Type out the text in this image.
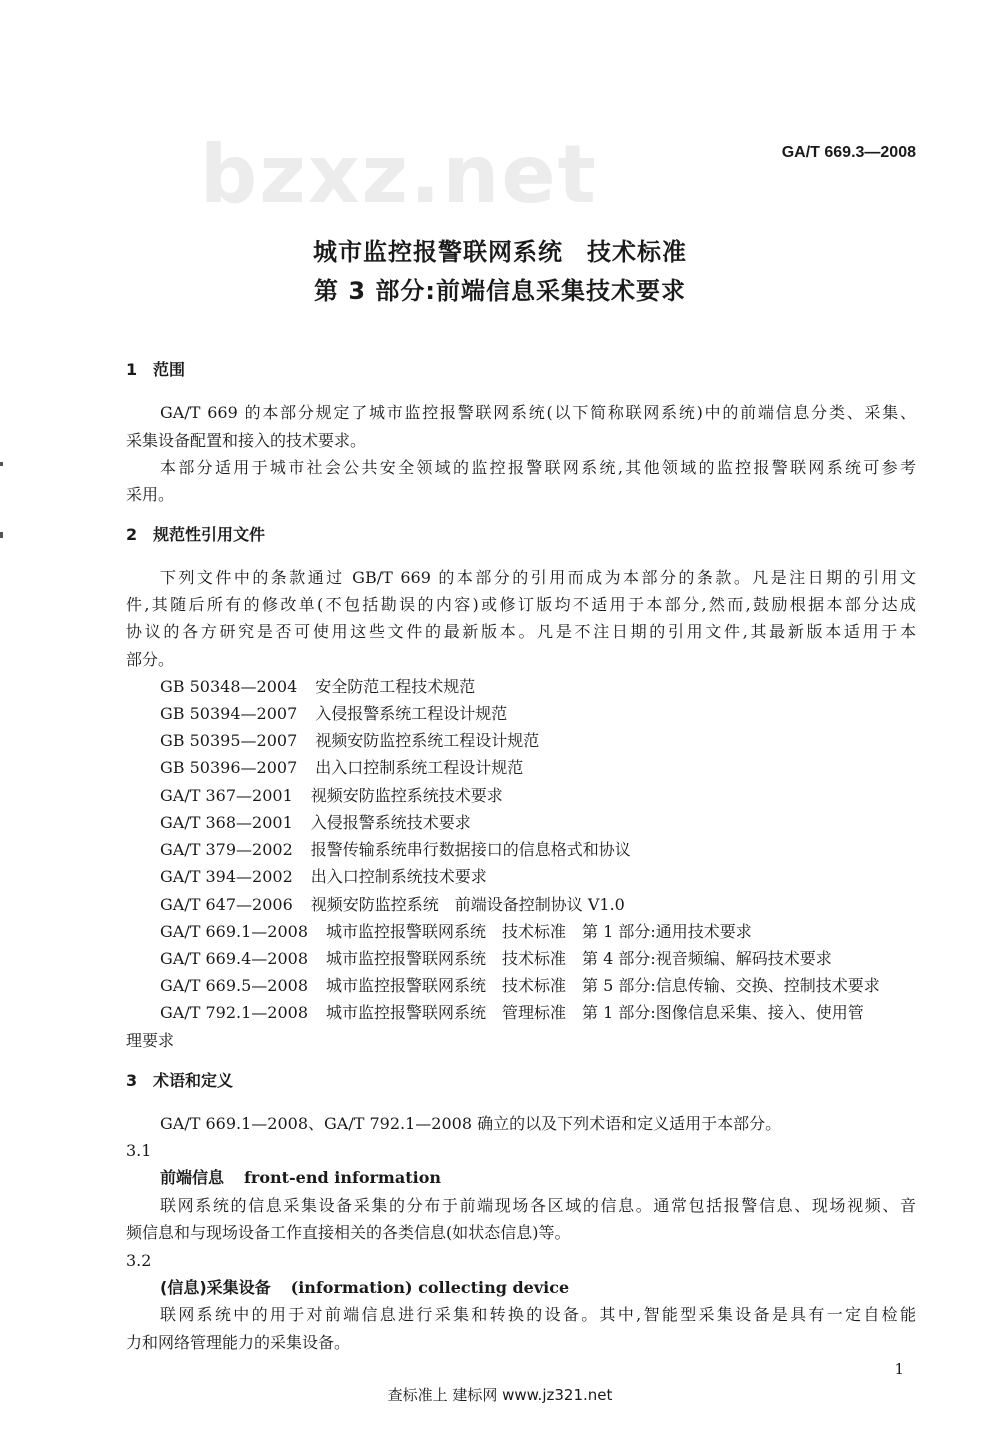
bzxz.net	GA/T 669.3—2008
城市监控报警联网系统 技术标准
第 3 部分:前端信息采集技术要求
1 范围
GA/T 669 的本部分规定了城市监控报警联网系统(以下简称联网系统)中的前端信息分类、采集、
采集设备配置和接入的技术要求。
本部分适用于城市社会公共安全领域的监控报警联网系统,其他领域的监控报警联网系统可参考
采用。
2 规范性引用文件
下列文件中的条款通过 GB/T 669 的本部分的引用而成为本部分的条款。凡是注日期的引用文
件,其随后所有的修改单(不包括勘误的内容)或修订版均不适用于本部分,然而,鼓励根据本部分达成
协议的各方研究是否可使用这些文件的最新版本。凡是不注日期的引用文件,其最新版本适用于本
部分。
GB 50348—2004 安全防范工程技术规范
GB 50394—2007 入侵报警系统工程设计规范
GB 50395—2007 视频安防监控系统工程设计规范
GB 50396—2007 出入口控制系统工程设计规范
GA/T 367—2001 视频安防监控系统技术要求
GA/T 368—2001 入侵报警系统技术要求
GA/T 379—2002 报警传输系统串行数据接口的信息格式和协议
GA/T 394—2002 出入口控制系统技术要求
GA/T 647—2006 视频安防监控系统　前端设备控制协议 V1.0
GA/T 669.1—2008 城市监控报警联网系统　技术标准　第 1 部分:通用技术要求
GA/T 669.4—2008 城市监控报警联网系统　技术标准　第 4 部分:视音频编、解码技术要求
GA/T 669.5—2008 城市监控报警联网系统　技术标准　第 5 部分:信息传输、交换、控制技术要求
GA/T 792.1—2008 城市监控报警联网系统　管理标准　第 1 部分:图像信息采集、接入、使用管
理要求
3 术语和定义
GA/T 669.1—2008、GA/T 792.1—2008 确立的以及下列术语和定义适用于本部分。
3.1
前端信息 front-end information
联网系统的信息采集设备采集的分布于前端现场各区域的信息。通常包括报警信息、现场视频、音
频信息和与现场设备工作直接相关的各类信息(如状态信息)等。
3.2
(信息)采集设备 (information) collecting device
联网系统中的用于对前端信息进行采集和转换的设备。其中,智能型采集设备是具有一定自检能
力和网络管理能力的采集设备。
1
查标准上 建标网 www.jz321.net
